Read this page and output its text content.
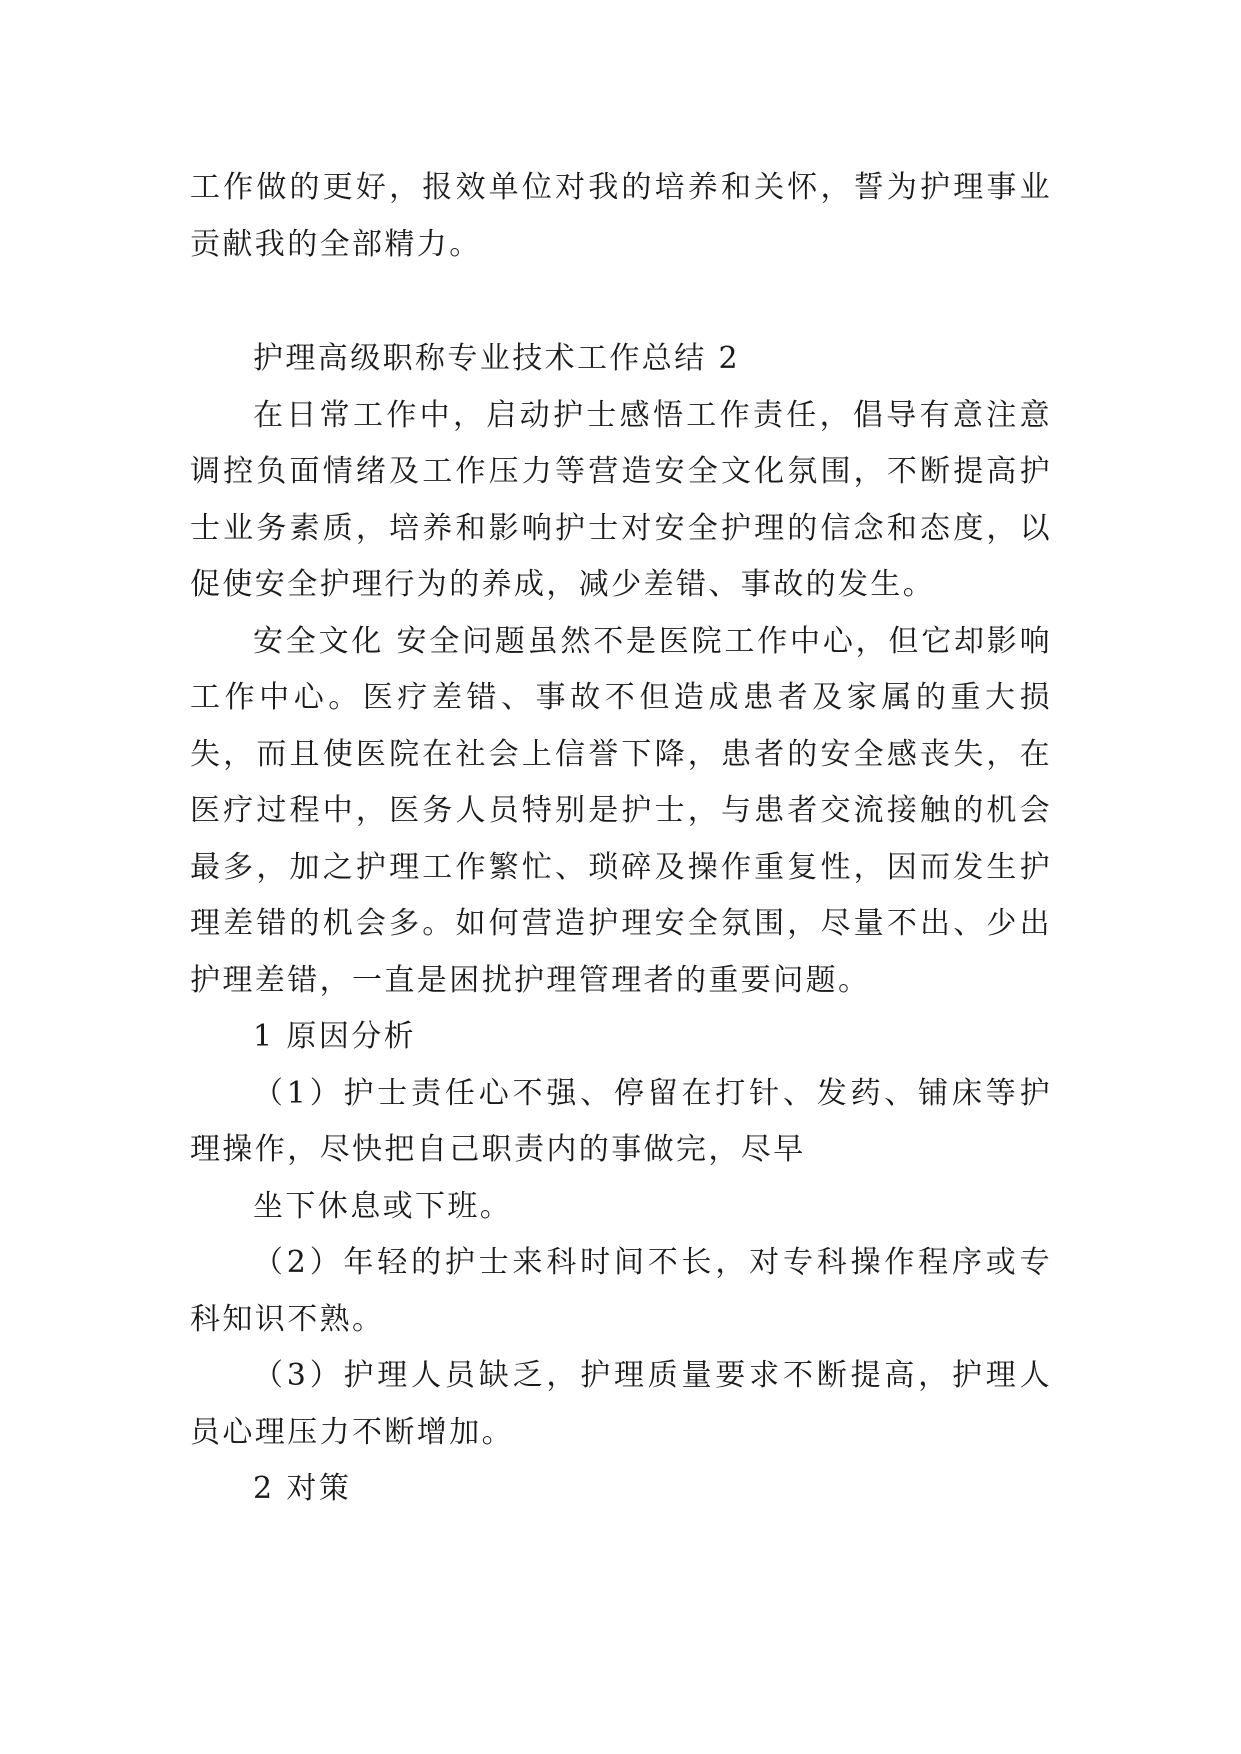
工作做的更好，报效单位对我的培养和关怀，誓为护理事业贡献我的全部精力。

护理高级职称专业技术工作总结 2

在日常工作中，启动护士感悟工作责任，倡导有意注意调控负面情绪及工作压力等营造安全文化氛围，不断提高护士业务素质，培养和影响护士对安全护理的信念和态度，以促使安全护理行为的养成，减少差错、事故的发生。

安全文化 安全问题虽然不是医院工作中心，但它却影响工作中心。医疗差错、事故不但造成患者及家属的重大损失，而且使医院在社会上信誉下降，患者的安全感丧失，在医疗过程中，医务人员特别是护士，与患者交流接触的机会最多，加之护理工作繁忙、琐碎及操作重复性，因而发生护理差错的机会多。如何营造护理安全氛围，尽量不出、少出护理差错，一直是困扰护理管理者的重要问题。

1 原因分析

（1）护士责任心不强、停留在打针、发药、铺床等护理操作，尽快把自己职责内的事做完，尽早

坐下休息或下班。

（2）年轻的护士来科时间不长，对专科操作程序或专科知识不熟。

（3）护理人员缺乏，护理质量要求不断提高，护理人员心理压力不断增加。

2 对策
